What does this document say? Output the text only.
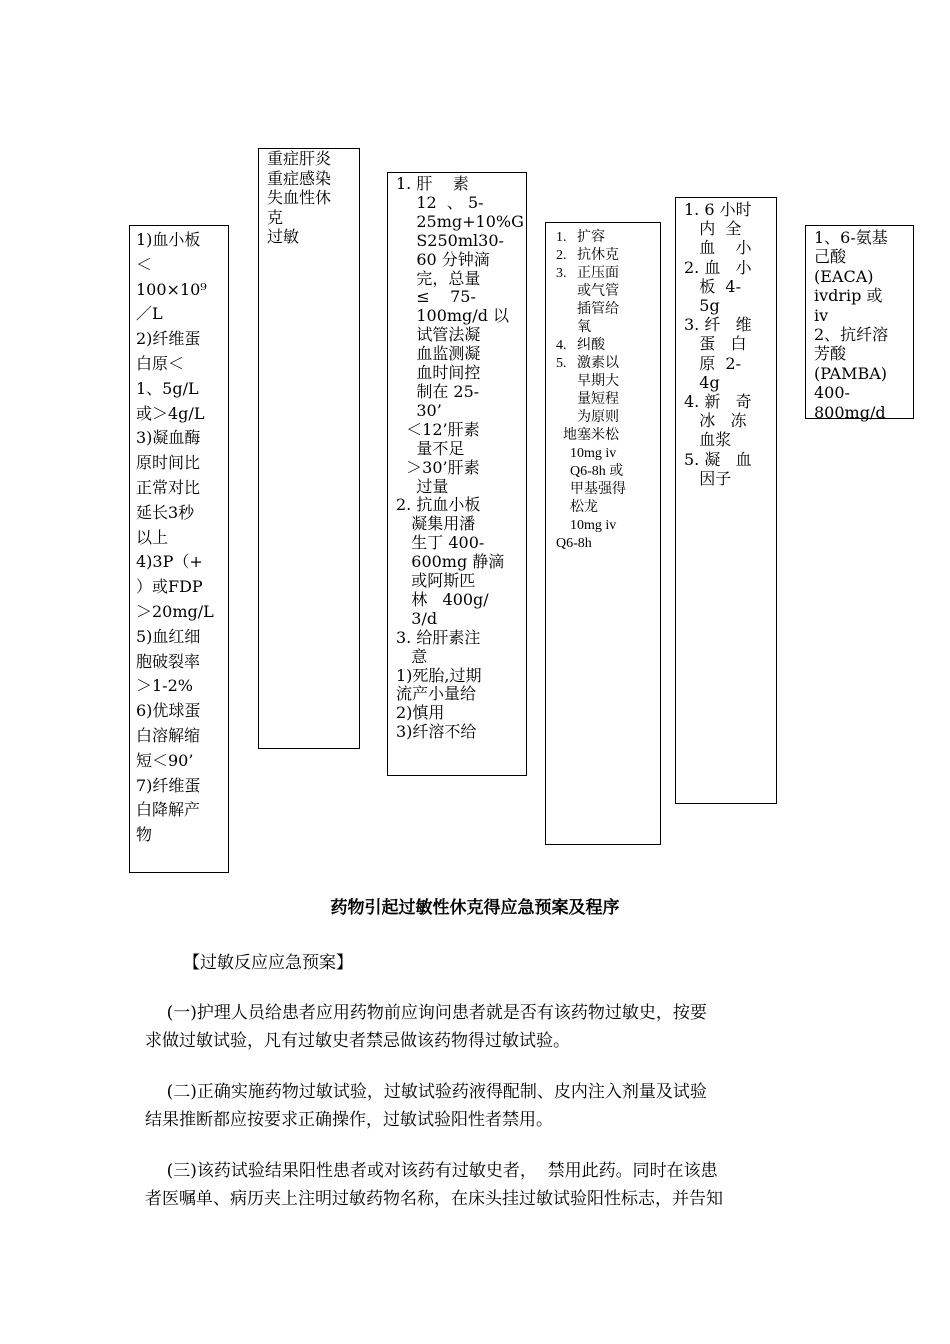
1)血小板
＜
100×10⁹
／L
2)纤维蛋
白原＜
1、5g/L
或＞4g/L
3)凝血酶
原时间比
正常对比
延长3秒
以上
4)3P（+
）或FDP
＞20mg/L
5)血红细
胞破裂率
＞1-2%
6)优球蛋
白溶解缩
短＜90’
7)纤维蛋
白降解产
物
重症肝炎
重症感染
失血性休
克
过敏
1. 肝    素
12  、 5-
25mg+10%G
S250ml30-
60 分钟滴
完，总量
≤    75-
100mg/d 以
试管法凝
血监测凝
血时间控
制在 25-
30’
＜12’肝素
量不足
＞30’肝素
过量
2. 抗血小板
凝集用潘
生丁 400-
600mg 静滴
或阿斯匹
林   400g/
3/d
3. 给肝素注
意
1)死胎,过期
流产小量给
2)慎用
3)纤溶不给
1.   扩容
2.   抗休克
3.   正压面
或气管
插管给
氧
4.   纠酸
5.   激素以
早期大
量短程
为原则
地塞米松
10mg iv
Q6-8h 或
甲基强得
松龙
10mg iv
Q6-8h
1. 6 小时
内  全
血    小
2. 血   小
板  4-
5g
3. 纤   维
蛋   白
原  2-
4g
4. 新   奇
冰   冻
血浆
5. 凝   血
因子
1、6-氨基
己酸
(EACA)
ivdrip 或
iv
2、抗纤溶
芳酸
(PAMBA)
400-
800mg/d
药物引起过敏性休克得应急预案及程序
【过敏反应应急预案】
(一)护理人员给患者应用药物前应询问患者就是否有该药物过敏史，按要
求做过敏试验，凡有过敏史者禁忌做该药物得过敏试验。
(二)正确实施药物过敏试验，过敏试验药液得配制、皮内注入剂量及试验
结果推断都应按要求正确操作，过敏试验阳性者禁用。
(三)该药试验结果阳性患者或对该药有过敏史者，  禁用此药。同时在该患
者医嘱单、病历夹上注明过敏药物名称，在床头挂过敏试验阳性标志，并告知
